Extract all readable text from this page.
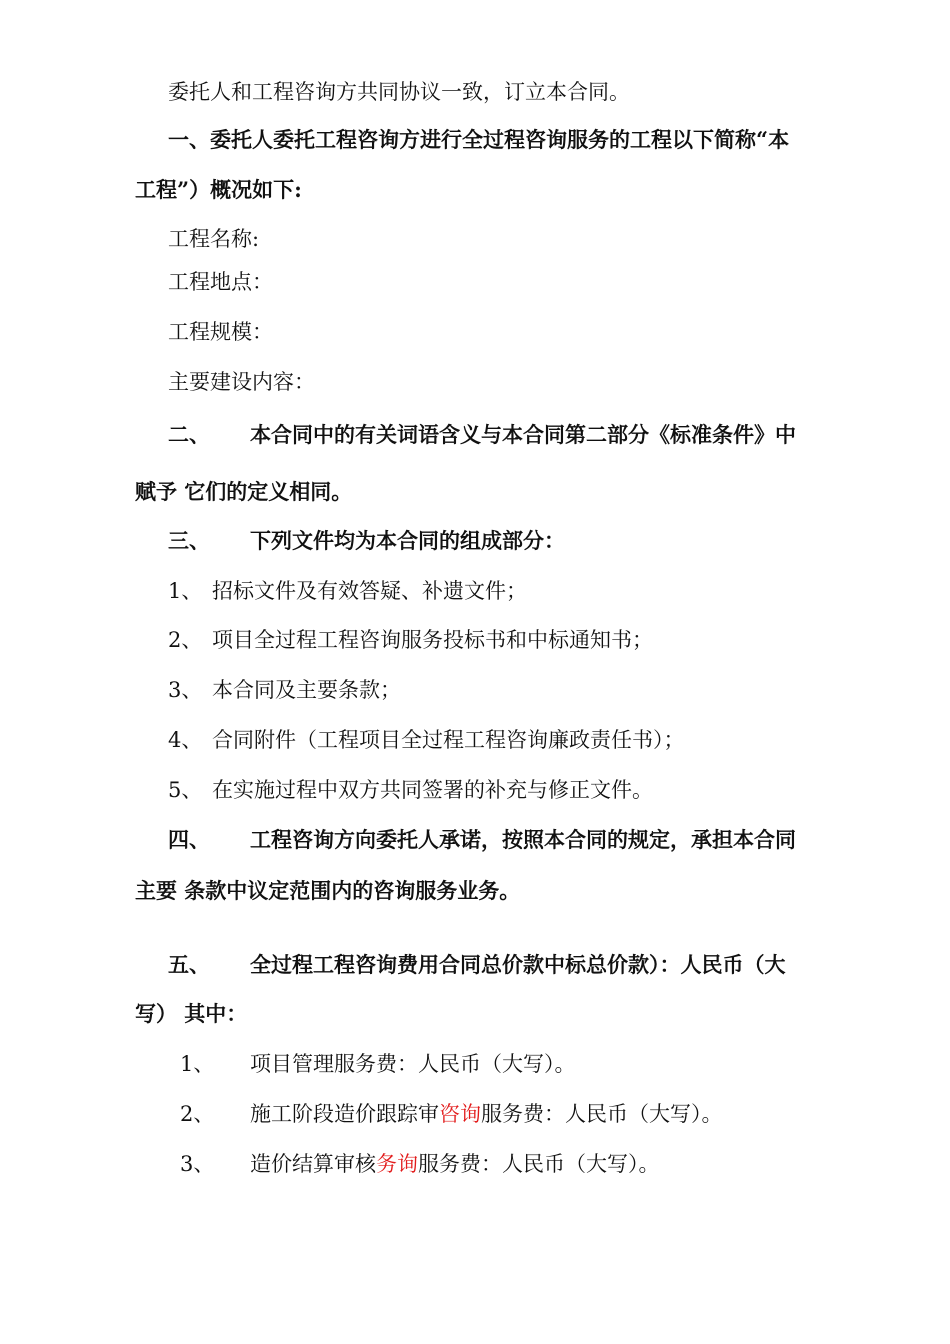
委托人和工程咨询方共同协议一致，订立本合同。
一、委托人委托工程咨询方进行全过程咨询服务的工程以下简称“本
工程”）概况如下:
工程名称:
工程地点：
工程规模：
主要建设内容：
二、 本合同中的有关词语含义与本合同第二部分《标准条件》中
赋予 它们的定义相同。
三、 下列文件均为本合同的组成部分：
1、 招标文件及有效答疑、补遗文件；
2、 项目全过程工程咨询服务投标书和中标通知书；
3、 本合同及主要条款；
4、 合同附件（工程项目全过程工程咨询廉政责任书）；
5、 在实施过程中双方共同签署的补充与修正文件。
四、 工程咨询方向委托人承诺，按照本合同的规定，承担本合同
主要 条款中议定范围内的咨询服务业务。
五、 全过程工程咨询费用合同总价款中标总价款）：人民币（大
写） 其中：
1、 项目管理服务费：人民币（大写）。
2、 施工阶段造价跟踪审咨询服务费：人民币（大写）。
3、 造价结算审核务询服务费：人民币（大写）。
